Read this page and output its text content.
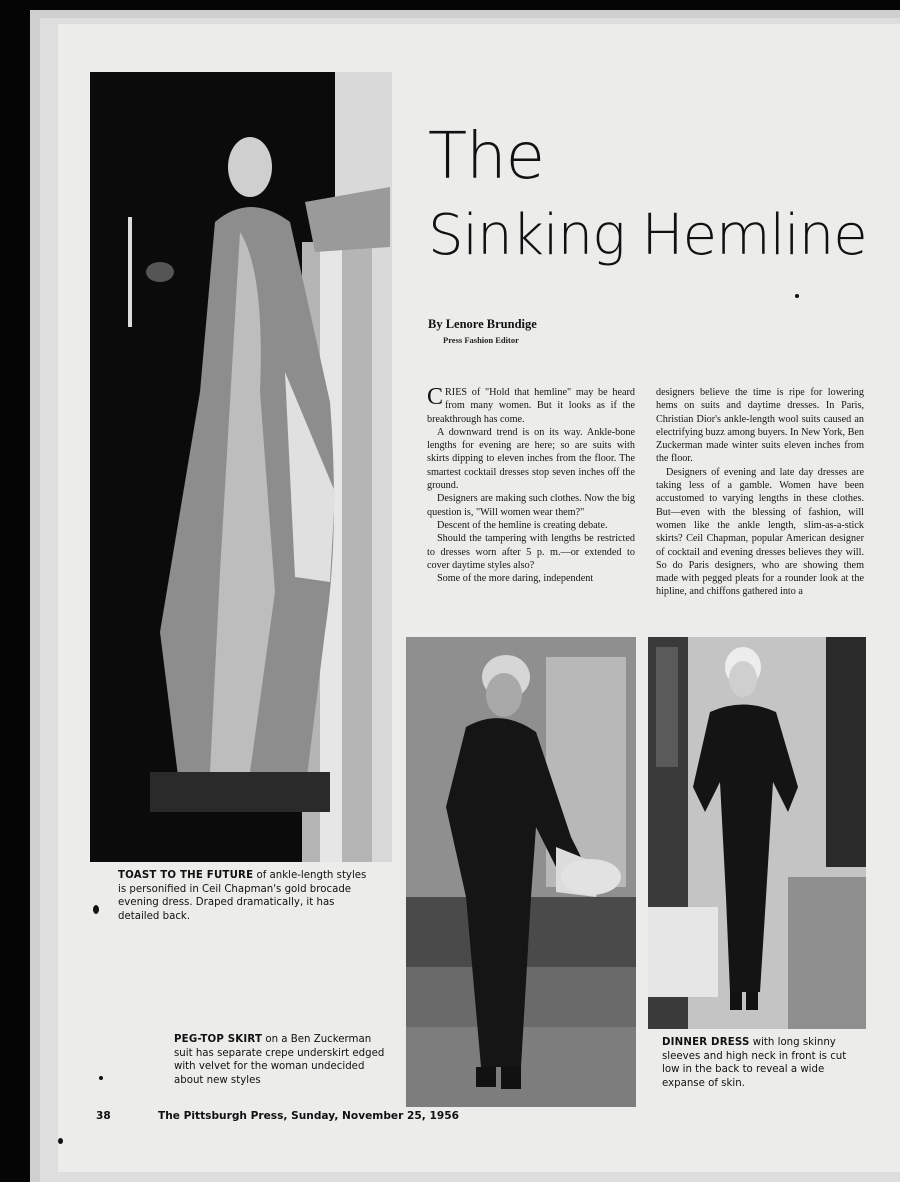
The
Sinking Hemline
By Lenore Brundige
Press Fashion Editor

CRIES of "Hold that hemline" may be heard from many women. But it looks as if the breakthrough has come.

A downward trend is on its way. Ankle-bone lengths for evening are here; so are suits with skirts dipping to eleven inches from the floor. The smartest cocktail dresses stop seven inches off the ground.

Designers are making such clothes. Now the big question is, "Will women wear them?"

Descent of the hemline is creating debate.

Should the tampering with lengths be restricted to dresses worn after 5 p. m.—or extended to cover daytime styles also?

Some of the more daring, independent

designers believe the time is ripe for lowering hems on suits and daytime dresses. In Paris, Christian Dior's ankle-length wool suits caused an electrifying buzz among buyers. In New York, Ben Zuckerman made winter suits eleven inches from the floor.

Designers of evening and late day dresses are taking less of a gamble. Women have been accustomed to varying lengths in these clothes. But—even with the blessing of fashion, will women like the ankle length, slim-as-a-stick skirts? Ceil Chapman, popular American designer of cocktail and evening dresses believes they will. So do Paris designers, who are showing them made with pegged pleats for a rounder look at the hipline, and chiffons gathered into a

TOAST TO THE FUTURE of ankle-length styles is personified in Ceil Chapman's gold brocade evening dress. Draped dramatically, it has detailed back.
PEG-TOP SKIRT on a Ben Zuckerman suit has separate crepe underskirt edged with velvet for the woman undecided about new styles
DINNER DRESS with long skinny sleeves and high neck in front is cut low in the back to reveal a wide expanse of skin.
38	The Pittsburgh Press, Sunday, November 25, 1956
